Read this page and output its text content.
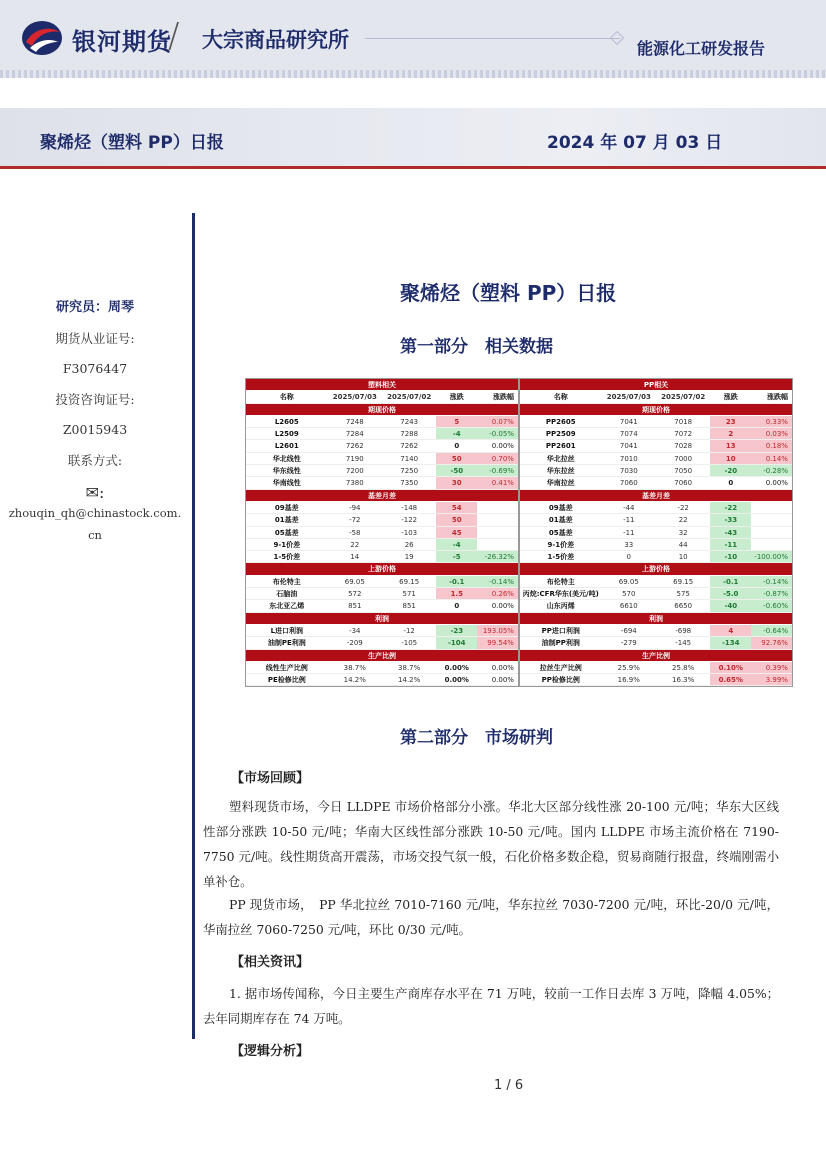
银河期货
/ 大宗商品研究所	能源化工研发报告
聚烯烃（塑料 PP）日报	2024 年 07 月 03 日
研究员：周琴
期货从业证号:
F3076447
投资咨询证号:
Z0015943
联系方式:
✉:
zhouqin_qh@chinastock.com.cn
聚烯烃（塑料 PP）日报
第一部分　相关数据
塑料相关
名称	2025/07/03	2025/07/02	涨跌	涨跌幅
期现价格
L2605	7248	7243	5	0.07%
L2509	7284	7288	-4	-0.05%
L2601	7262	7262	0	0.00%
华北线性	7190	7140	50	0.70%
华东线性	7200	7250	-50	-0.69%
华南线性	7380	7350	30	0.41%
基差月差
09基差	-94	-148	54
01基差	-72	-122	50
05基差	-58	-103	45
9-1价差	22	26	-4
1-5价差	14	19	-5	-26.32%
上游价格
布伦特主	69.05	69.15	-0.1	-0.14%
石脑油	572	571	1.5	0.26%
东北亚乙烯	851	851	0	0.00%
利润
L进口利润	-34	-12	-23	193.05%
油制PE利润	-209	-105	-104	99.54%
生产比例
线性生产比例	38.7%	38.7%	0.00%	0.00%
PE检修比例	14.2%	14.2%	0.00%	0.00%
PP相关
名称	2025/07/03	2025/07/02	涨跌	涨跌幅
期现价格
PP2605	7041	7018	23	0.33%
PP2509	7074	7072	2	0.03%
PP2601	7041	7028	13	0.18%
华北拉丝	7010	7000	10	0.14%
华东拉丝	7030	7050	-20	-0.28%
华南拉丝	7060	7060	0	0.00%
基差月差
09基差	-44	-22	-22
01基差	-11	22	-33
05基差	-11	32	-43
9-1价差	33	44	-11
1-5价差	0	10	-10	-100.00%
上游价格
布伦特主	69.05	69.15	-0.1	-0.14%
丙烷:CFR华东(美元/吨)	570	575	-5.0	-0.87%
山东丙烯	6610	6650	-40	-0.60%
利润
PP进口利润	-694	-698	4	-0.64%
油制PP利润	-279	-145	-134	92.76%
生产比例
拉丝生产比例	25.9%	25.8%	0.10%	0.39%
PP检修比例	16.9%	16.3%	0.65%	3.99%
第二部分　市场研判
【市场回顾】
塑料现货市场，今日 LLDPE 市场价格部分小涨。华北大区部分线性涨 20-100 元/吨；华东大区线性部分涨跌 10-50 元/吨；华南大区线性部分涨跌 10-50 元/吨。国内 LLDPE 市场主流价格在 7190-7750 元/吨。线性期货高开震荡，市场交投气氛一般，石化价格多数企稳，贸易商随行报盘，终端刚需小单补仓。
PP 现货市场，　PP 华北拉丝 7010-7160 元/吨，华东拉丝 7030-7200 元/吨，环比-20/0 元/吨，华南拉丝 7060-7250 元/吨，环比 0/30 元/吨。
【相关资讯】
1. 据市场传闻称，今日主要生产商库存水平在 71 万吨，较前一工作日去库 3 万吨，降幅 4.05%；去年同期库存在 74 万吨。
【逻辑分析】
1 / 6
